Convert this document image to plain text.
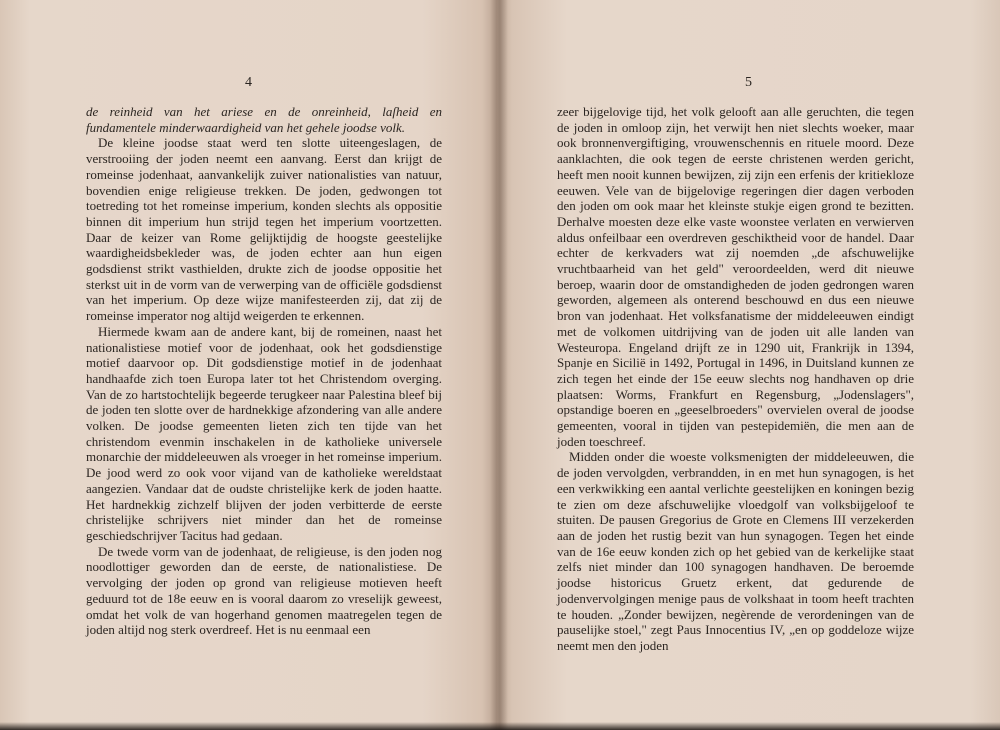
4

de reinheid van het ariese en de onreinheid, laſheid en fundamentele minderwaardigheid van het gehele joodse volk.

De kleine joodse staat werd ten slotte uiteengeslagen, de verstrooiing der joden neemt een aanvang. Eerst dan krijgt de romeinse jodenhaat, aanvankelijk zuiver nationalisties van natuur, bovendien enige religieuse trekken. De joden, gedwongen tot toetreding tot het romeinse imperium, konden slechts als oppositie binnen dit imperium hun strijd tegen het imperium voortzetten. Daar de keizer van Rome gelijktijdig de hoogste geestelijke waardigheidsbekleder was, de joden echter aan hun eigen godsdienst strikt vasthielden, drukte zich de joodse oppositie het sterkst uit in de vorm van de verwerping van de officiële godsdienst van het imperium. Op deze wijze manifesteerden zij, dat zij de romeinse imperator nog altijd weigerden te erkennen.

Hiermede kwam aan de andere kant, bij de romeinen, naast het nationalistiese motief voor de jodenhaat, ook het godsdienstige motief daarvoor op. Dit godsdienstige motief in de jodenhaat handhaafde zich toen Europa later tot het Christendom overging. Van de zo hartstochtelijk begeerde terugkeer naar Palestina bleef bij de joden ten slotte over de hardnekkige afzondering van alle andere volken. De joodse gemeenten lieten zich ten tijde van het christendom evenmin inschakelen in de katholieke universele monarchie der middeleeuwen als vroeger in het romeinse imperium. De jood werd zo ook voor vijand van de katholieke wereldstaat aangezien. Vandaar dat de oudste christelijke kerk de joden haatte. Het hardnekkig zichzelf blijven der joden verbitterde de eerste christelijke schrijvers niet minder dan het de romeinse geschiedschrijver Tacitus had gedaan.

De twede vorm van de jodenhaat, de religieuse, is den joden nog noodlottiger geworden dan de eerste, de nationalistiese. De vervolging der joden op grond van religieuse motieven heeft geduurd tot de 18e eeuw en is vooral daarom zo vreselijk geweest, omdat het volk de van hogerhand genomen maatregelen tegen de joden altijd nog sterk overdreef. Het is nu eenmaal een

5

zeer bijgelovige tijd, het volk gelooft aan alle geruchten, die tegen de joden in omloop zijn, het verwijt hen niet slechts woeker, maar ook bronnenvergiftiging, vrouwenschennis en rituele moord. Deze aanklachten, die ook tegen de eerste christenen werden gericht, heeft men nooit kunnen bewijzen, zij zijn een erfenis der kritiekloze eeuwen. Vele van de bijgelovige regeringen dier dagen verboden den joden om ook maar het kleinste stukje eigen grond te bezitten. Derhalve moesten deze elke vaste woonstee verlaten en verwierven aldus onfeilbaar een overdreven geschiktheid voor de handel. Daar echter de kerkvaders wat zij noemden „de afschuwelijke vruchtbaarheid van het geld" veroordeelden, werd dit nieuwe beroep, waarin door de omstandigheden de joden gedrongen waren geworden, algemeen als onterend beschouwd en dus een nieuwe bron van jodenhaat. Het volksfanatisme der middeleeuwen eindigt met de volkomen uitdrijving van de joden uit alle landen van Westeuropa. Engeland drijft ze in 1290 uit, Frankrijk in 1394, Spanje en Sicilië in 1492, Portugal in 1496, in Duitsland kunnen ze zich tegen het einde der 15e eeuw slechts nog handhaven op drie plaatsen: Worms, Frankfurt en Regensburg, „Jodenslagers", opstandige boeren en „geeselbroeders" overvielen overal de joodse gemeenten, vooral in tijden van pestepidemiën, die men aan de joden toeschreef.

Midden onder die woeste volksmenigten der middeleeuwen, die de joden vervolgden, verbrandden, in en met hun synagogen, is het een verkwikking een aantal verlichte geestelijken en koningen bezig te zien om deze afschuwelijke vloedgolf van volksbijgeloof te stuiten. De pausen Gregorius de Grote en Clemens III verzekerden aan de joden het rustig bezit van hun synagogen. Tegen het einde van de 16e eeuw konden zich op het gebied van de kerkelijke staat zelfs niet minder dan 100 synagogen handhaven. De beroemde joodse historicus Gruetz erkent, dat gedurende de jodenvervolgingen menige paus de volkshaat in toom heeft trachten te houden. „Zonder bewijzen, negèrende de verordeningen van de pauselijke stoel," zegt Paus Innocentius IV, „en op goddeloze wijze neemt men den joden
